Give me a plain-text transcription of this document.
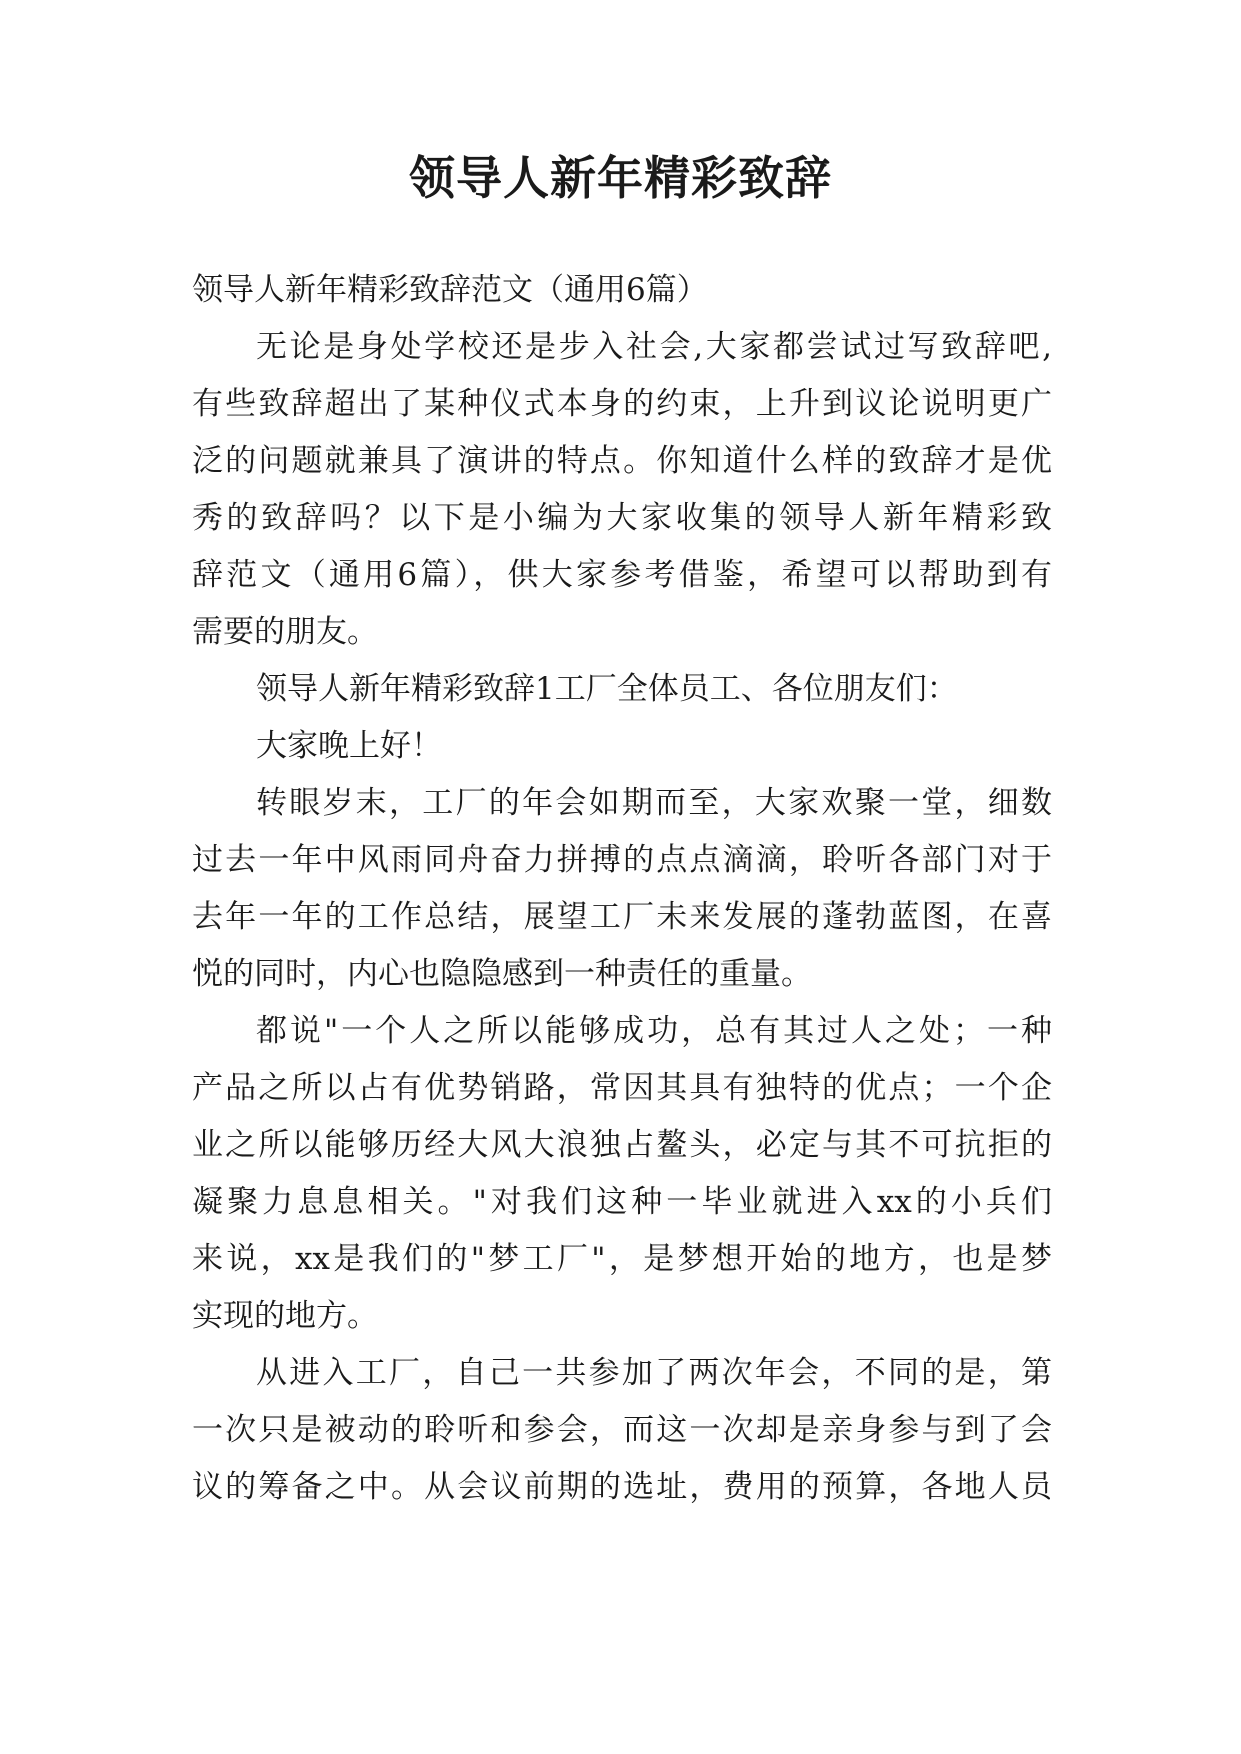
领导人新年精彩致辞
领导人新年精彩致辞范文（通用6篇）
无论是身处学校还是步入社会,大家都尝试过写致辞吧,
有些致辞超出了某种仪式本身的约束，上升到议论说明更广
泛的问题就兼具了演讲的特点。你知道什么样的致辞才是优
秀的致辞吗？以下是小编为大家收集的领导人新年精彩致
辞范文（通用6篇），供大家参考借鉴，希望可以帮助到有
需要的朋友。
领导人新年精彩致辞1工厂全体员工、各位朋友们：
大家晚上好！
转眼岁末，工厂的年会如期而至，大家欢聚一堂，细数
过去一年中风雨同舟奋力拼搏的点点滴滴，聆听各部门对于
去年一年的工作总结，展望工厂未来发展的蓬勃蓝图，在喜
悦的同时，内心也隐隐感到一种责任的重量。
都说"一个人之所以能够成功，总有其过人之处；一种
产品之所以占有优势销路，常因其具有独特的优点；一个企
业之所以能够历经大风大浪独占鳌头，必定与其不可抗拒的
凝聚力息息相关。"对我们这种一毕业就进入xx的小兵们
来说，xx是我们的"梦工厂"，是梦想开始的地方，也是梦
实现的地方。
从进入工厂，自己一共参加了两次年会，不同的是，第
一次只是被动的聆听和参会，而这一次却是亲身参与到了会
议的筹备之中。从会议前期的选址，费用的预算，各地人员
